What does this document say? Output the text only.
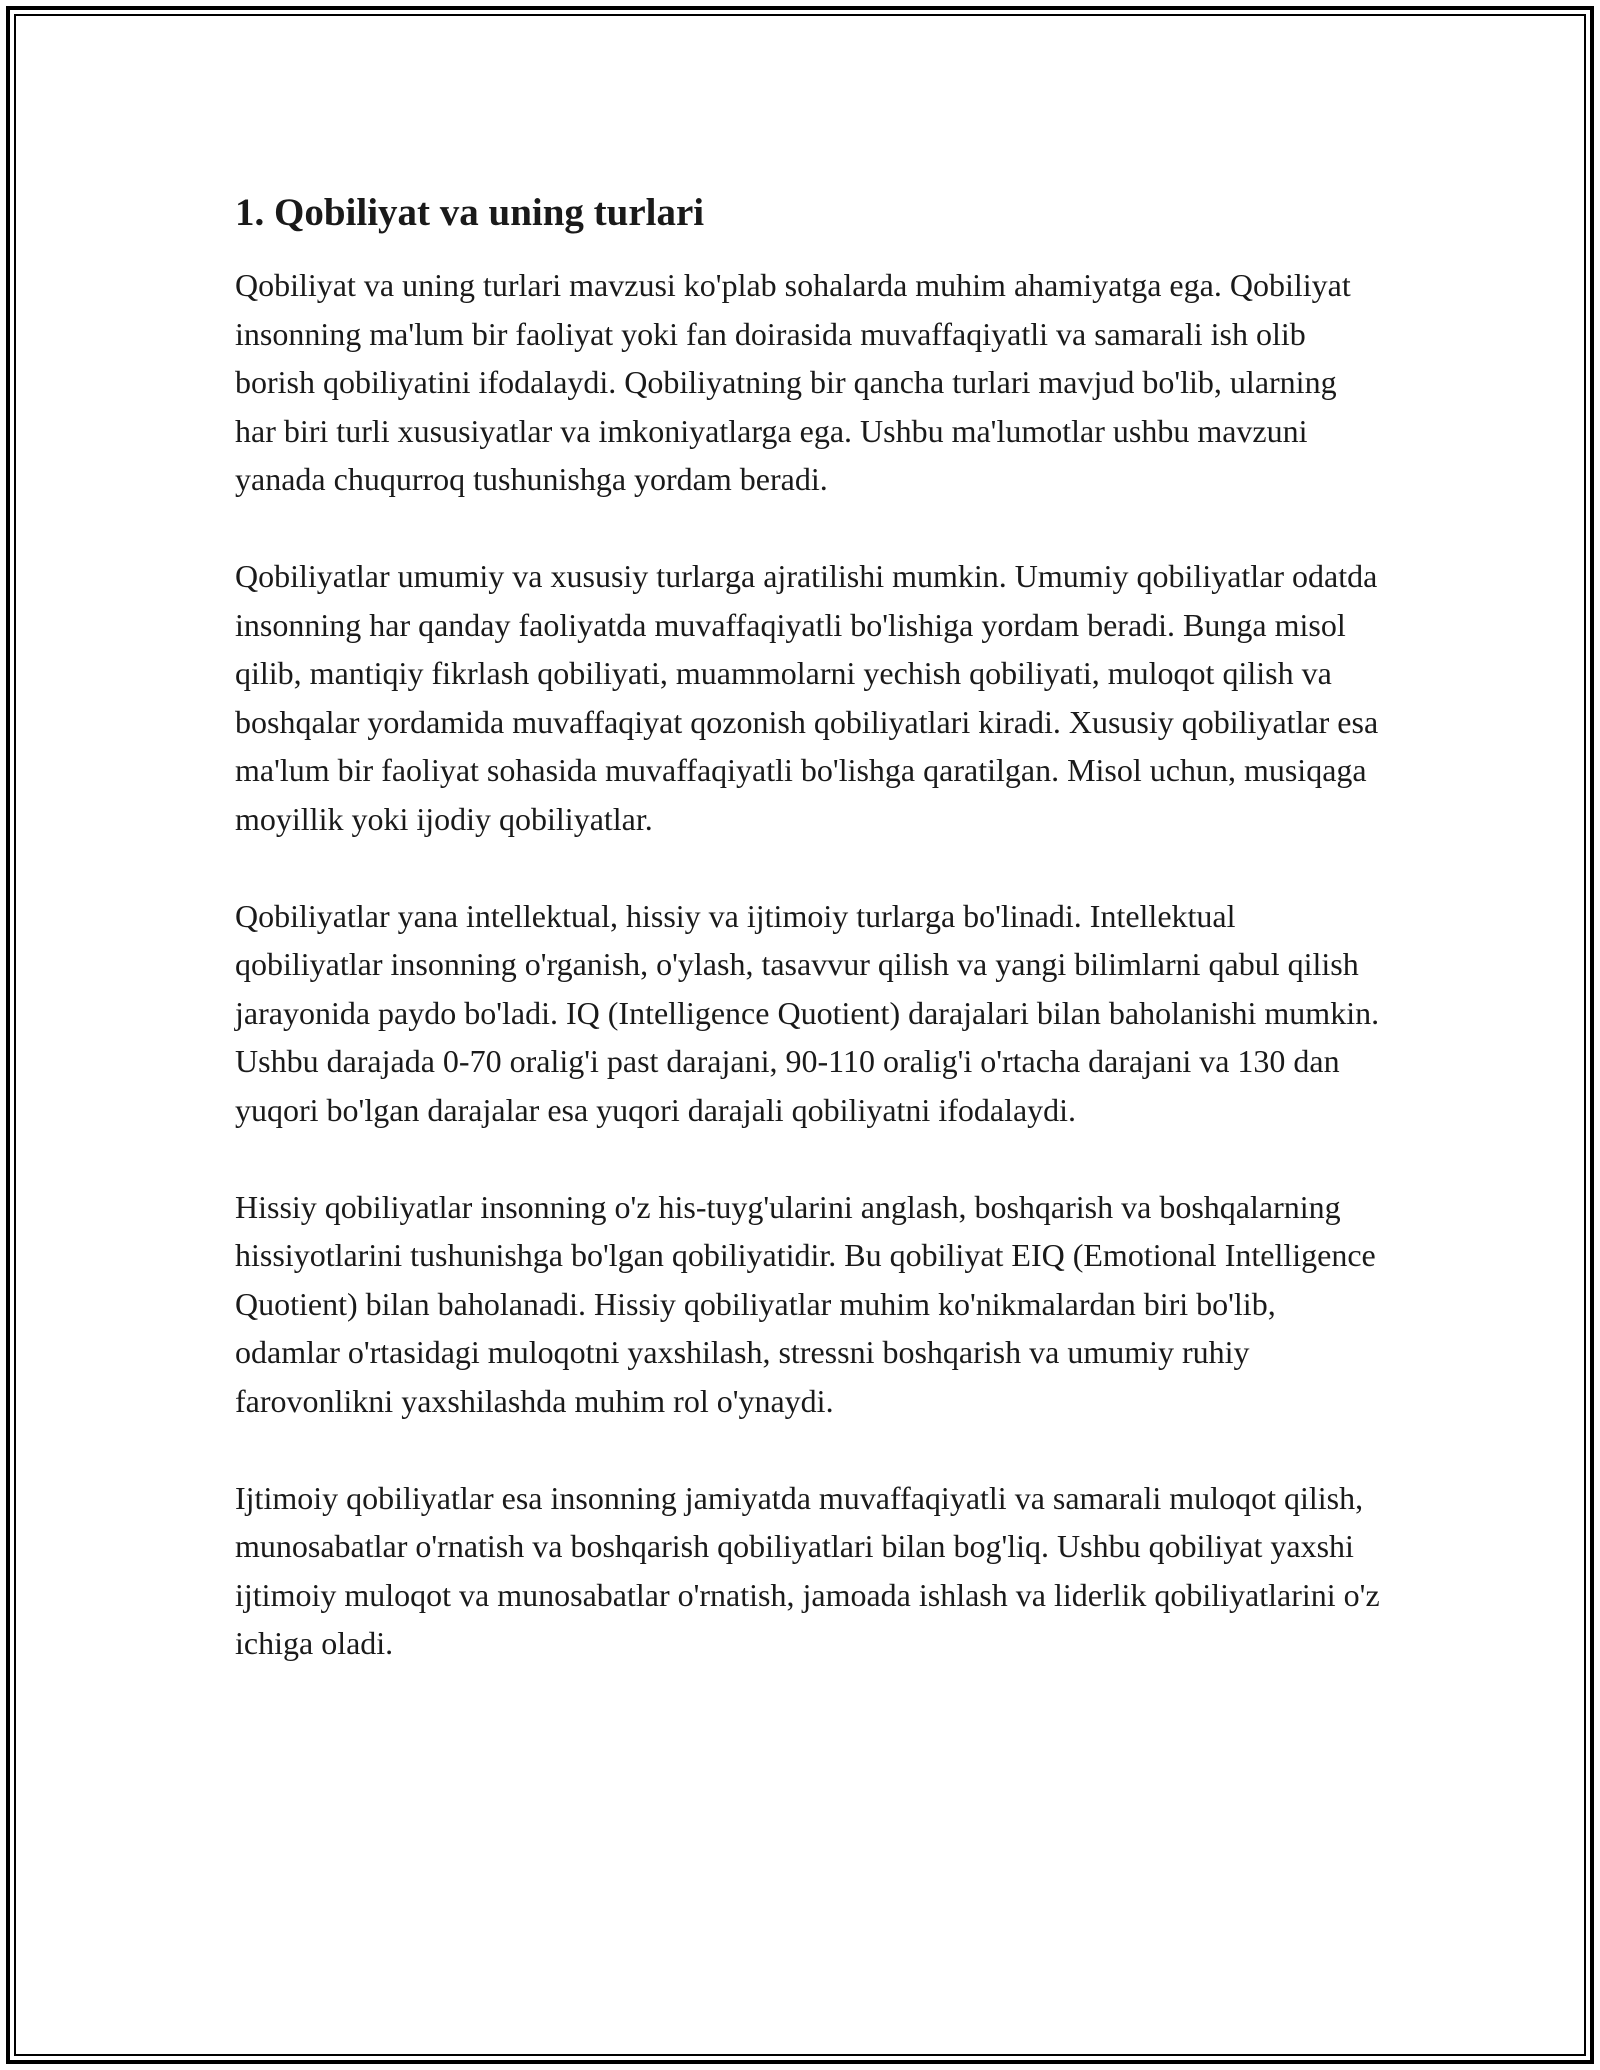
1. Qobiliyat va uning turlari

Qobiliyat va uning turlari mavzusi ko'plab sohalarda muhim ahamiyatga ega. Qobiliyat insonning ma'lum bir faoliyat yoki fan doirasida muvaffaqiyatli va samarali ish olib borish qobiliyatini ifodalaydi. Qobiliyatning bir qancha turlari mavjud bo'lib, ularning har biri turli xususiyatlar va imkoniyatlarga ega. Ushbu ma'lumotlar ushbu mavzuni yanada chuqurroq tushunishga yordam beradi.

Qobiliyatlar umumiy va xususiy turlarga ajratilishi mumkin. Umumiy qobiliyatlar odatda insonning har qanday faoliyatda muvaffaqiyatli bo'lishiga yordam beradi. Bunga misol qilib, mantiqiy fikrlash qobiliyati, muammolarni yechish qobiliyati, muloqot qilish va boshqalar yordamida muvaffaqiyat qozonish qobiliyatlari kiradi. Xususiy qobiliyatlar esa ma'lum bir faoliyat sohasida muvaffaqiyatli bo'lishga qaratilgan. Misol uchun, musiqaga moyillik yoki ijodiy qobiliyatlar.

Qobiliyatlar yana intellektual, hissiy va ijtimoiy turlarga bo'linadi. Intellektual qobiliyatlar insonning o'rganish, o'ylash, tasavvur qilish va yangi bilimlarni qabul qilish jarayonida paydo bo'ladi. IQ (Intelligence Quotient) darajalari bilan baholanishi mumkin. Ushbu darajada 0-70 oralig'i past darajani, 90-110 oralig'i o'rtacha darajani va 130 dan yuqori bo'lgan darajalar esa yuqori darajali qobiliyatni ifodalaydi.

Hissiy qobiliyatlar insonning o'z his-tuyg'ularini anglash, boshqarish va boshqalarning hissiyotlarini tushunishga bo'lgan qobiliyatidir. Bu qobiliyat EIQ (Emotional Intelligence Quotient) bilan baholanadi. Hissiy qobiliyatlar muhim ko'nikmalardan biri bo'lib, odamlar o'rtasidagi muloqotni yaxshilash, stressni boshqarish va umumiy ruhiy farovonlikni yaxshilashda muhim rol o'ynaydi.

Ijtimoiy qobiliyatlar esa insonning jamiyatda muvaffaqiyatli va samarali muloqot qilish, munosabatlar o'rnatish va boshqarish qobiliyatlari bilan bog'liq. Ushbu qobiliyat yaxshi ijtimoiy muloqot va munosabatlar o'rnatish, jamoada ishlash va liderlik qobiliyatlarini o'z ichiga oladi.
